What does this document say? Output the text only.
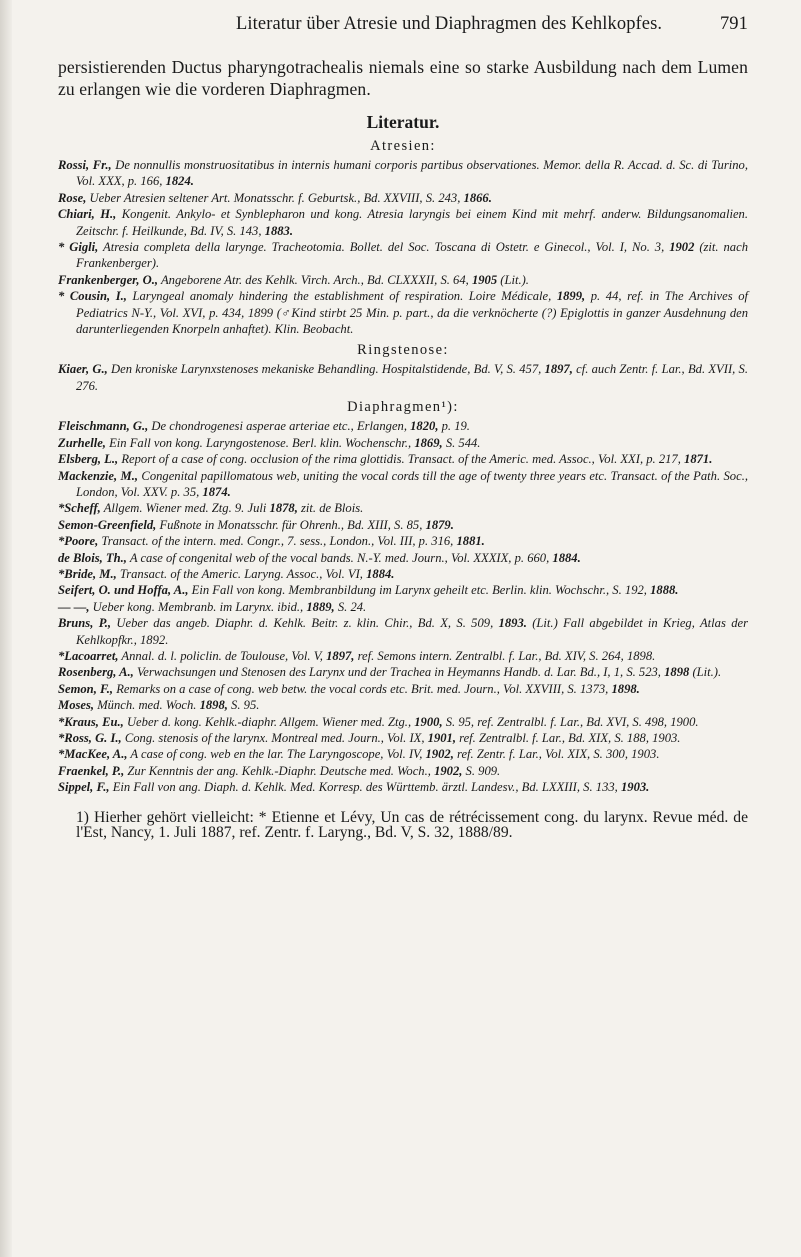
Literatur über Atresie und Diaphragmen des Kehlkopfes.	791
persistierenden Ductus pharyngotrachealis niemals eine so starke Ausbildung nach dem Lumen zu erlangen wie die vorderen Diaphragmen.
Literatur.
Atresien:
Rossi, Fr., De nonnullis monstruositatibus in internis humani corporis partibus observationes. Memor. della R. Accad. d. Sc. di Turino, Vol. XXX, p. 166, 1824.
Rose, Ueber Atresien seltener Art. Monatsschr. f. Geburtsk., Bd. XXVIII, S. 243, 1866.
Chiari, H., Kongenit. Ankylo- et Synblepharon und kong. Atresia laryngis bei einem Kind mit mehrf. anderw. Bildungsanomalien. Zeitschr. f. Heilkunde, Bd. IV, S. 143, 1883.
* Gigli, Atresia completa della larynge. Tracheotomia. Bollet. del Soc. Toscana di Ostetr. e Ginecol., Vol. I, No. 3, 1902 (zit. nach Frankenberger).
Frankenberger, O., Angeborene Atr. des Kehlk. Virch. Arch., Bd. CLXXXII, S. 64, 1905 (Lit.).
* Cousin, I., Laryngeal anomaly hindering the establishment of respiration. Loire Médicale, 1899, p. 44, ref. in The Archives of Pediatrics N-Y., Vol. XVI, p. 434, 1899 (♂Kind stirbt 25 Min. p. part., da die verknöcherte (?) Epiglottis in ganzer Ausdehnung den darunterliegenden Knorpeln anhaftet). Klin. Beobacht.
Ringstenose:
Kiaer, G., Den kroniske Larynxstenoses mekaniske Behandling. Hospitalstidende, Bd. V, S. 457, 1897, cf. auch Zentr. f. Lar., Bd. XVII, S. 276.
Diaphragmen¹):
Fleischmann, G., De chondrogenesi asperae arteriae etc., Erlangen, 1820, p. 19.
Zurhelle, Ein Fall von kong. Laryngostenose. Berl. klin. Wochenschr., 1869, S. 544.
Elsberg, L., Report of a case of cong. occlusion of the rima glottidis. Transact. of the Americ. med. Assoc., Vol. XXI, p. 217, 1871.
Mackenzie, M., Congenital papillomatous web, uniting the vocal cords till the age of twenty three years etc. Transact. of the Path. Soc., London, Vol. XXV. p. 35, 1874.
*Scheff, Allgem. Wiener med. Ztg. 9. Juli 1878, zit. de Blois.
Semon-Greenfield, Fußnote in Monatsschr. für Ohrenh., Bd. XIII, S. 85, 1879.
*Poore, Transact. of the intern. med. Congr., 7. sess., London., Vol. III, p. 316, 1881.
de Blois, Th., A case of congenital web of the vocal bands. N.-Y. med. Journ., Vol. XXXIX, p. 660, 1884.
*Bride, M., Transact. of the Americ. Laryng. Assoc., Vol. VI, 1884.
Seifert, O. und Hoffa, A., Ein Fall von kong. Membranbildung im Larynx geheilt etc. Berlin. klin. Wochschr., S. 192, 1888.
— —, Ueber kong. Membranb. im Larynx. ibid., 1889, S. 24.
Bruns, P., Ueber das angeb. Diaphr. d. Kehlk. Beitr. z. klin. Chir., Bd. X, S. 509, 1893. (Lit.) Fall abgebildet in Krieg, Atlas der Kehlkopfkr., 1892.
*Lacoarret, Annal. d. l. policlin. de Toulouse, Vol. V, 1897, ref. Semons intern. Zentralbl. f. Lar., Bd. XIV, S. 264, 1898.
Rosenberg, A., Verwachsungen und Stenosen des Larynx und der Trachea in Heymanns Handb. d. Lar. Bd., I, 1, S. 523, 1898 (Lit.).
Semon, F., Remarks on a case of cong. web betw. the vocal cords etc. Brit. med. Journ., Vol. XXVIII, S. 1373, 1898.
Moses, Münch. med. Woch. 1898, S. 95.
*Kraus, Eu., Ueber d. kong. Kehlk.-diaphr. Allgem. Wiener med. Ztg., 1900, S. 95, ref. Zentralbl. f. Lar., Bd. XVI, S. 498, 1900.
*Ross, G. I., Cong. stenosis of the larynx. Montreal med. Journ., Vol. IX, 1901, ref. Zentralbl. f. Lar., Bd. XIX, S. 188, 1903.
*MacKee, A., A case of cong. web en the lar. The Laryngoscope, Vol. IV, 1902, ref. Zentr. f. Lar., Vol. XIX, S. 300, 1903.
Fraenkel, P., Zur Kenntnis der ang. Kehlk.-Diaphr. Deutsche med. Woch., 1902, S. 909.
Sippel, F., Ein Fall von ang. Diaph. d. Kehlk. Med. Korresp. des Württemb. ärztl. Landesv., Bd. LXXIII, S. 133, 1903.
1) Hierher gehört vielleicht: * Etienne et Lévy, Un cas de rétrécissement cong. du larynx. Revue méd. de l'Est, Nancy, 1. Juli 1887, ref. Zentr. f. Laryng., Bd. V, S. 32, 1888/89.
